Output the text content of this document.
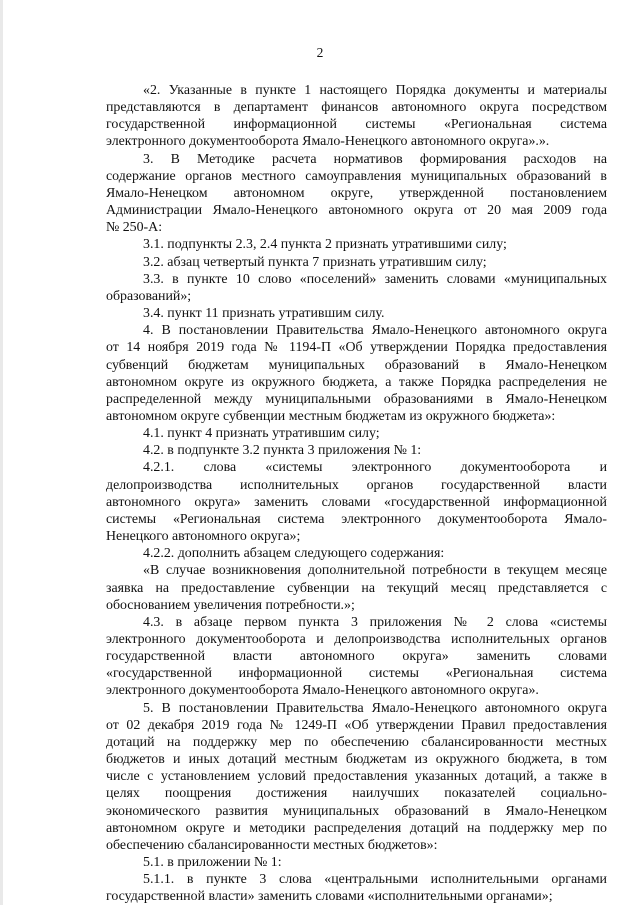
2
«2. Указанные в пункте 1 настоящего Порядка документы и материалы
представляются в департамент финансов автономного округа посредством
государственной информационной системы «Региональная система
электронного документооборота Ямало-Ненецкого автономного округа».».
3. В Методике расчета нормативов формирования расходов на
содержание органов местного самоуправления муниципальных образований в
Ямало-Ненецком автономном округе, утвержденной постановлением
Администрации Ямало-Ненецкого автономного округа от 20 мая 2009 года
№ 250-А:
3.1. подпункты 2.3, 2.4 пункта 2 признать утратившими силу;
3.2. абзац четвертый пункта 7 признать утратившим силу;
3.3. в пункте 10 слово «поселений» заменить словами «муниципальных
образований»;
3.4. пункт 11 признать утратившим силу.
4. В постановлении Правительства Ямало-Ненецкого автономного округа
от 14 ноября 2019 года № 1194-П «Об утверждении Порядка предоставления
субвенций бюджетам муниципальных образований в Ямало-Ненецком
автономном округе из окружного бюджета, а также Порядка распределения не
распределенной между муниципальными образованиями в Ямало-Ненецком
автономном округе субвенции местным бюджетам из окружного бюджета»:
4.1. пункт 4 признать утратившим силу;
4.2. в подпункте 3.2 пункта 3 приложения № 1:
4.2.1. слова «системы электронного документооборота и
делопроизводства исполнительных органов государственной власти
автономного округа» заменить словами «государственной информационной
системы «Региональная система электронного документооборота Ямало-
Ненецкого автономного округа»;
4.2.2. дополнить абзацем следующего содержания:
«В случае возникновения дополнительной потребности в текущем месяце
заявка на предоставление субвенции на текущий месяц представляется с
обоснованием увеличения потребности.»;
4.3. в абзаце первом пункта 3 приложения № 2 слова «системы
электронного документооборота и делопроизводства исполнительных органов
государственной власти автономного округа» заменить словами
«государственной информационной системы «Региональная система
электронного документооборота Ямало-Ненецкого автономного округа».
5. В постановлении Правительства Ямало-Ненецкого автономного округа
от 02 декабря 2019 года № 1249-П «Об утверждении Правил предоставления
дотаций на поддержку мер по обеспечению сбалансированности местных
бюджетов и иных дотаций местным бюджетам из окружного бюджета, в том
числе с установлением условий предоставления указанных дотаций, а также в
целях поощрения достижения наилучших показателей социально-
экономического развития муниципальных образований в Ямало-Ненецком
автономном округе и методики распределения дотаций на поддержку мер по
обеспечению сбалансированности местных бюджетов»:
5.1. в приложении № 1:
5.1.1. в пункте 3 слова «центральными исполнительными органами
государственной власти» заменить словами «исполнительными органами»;
